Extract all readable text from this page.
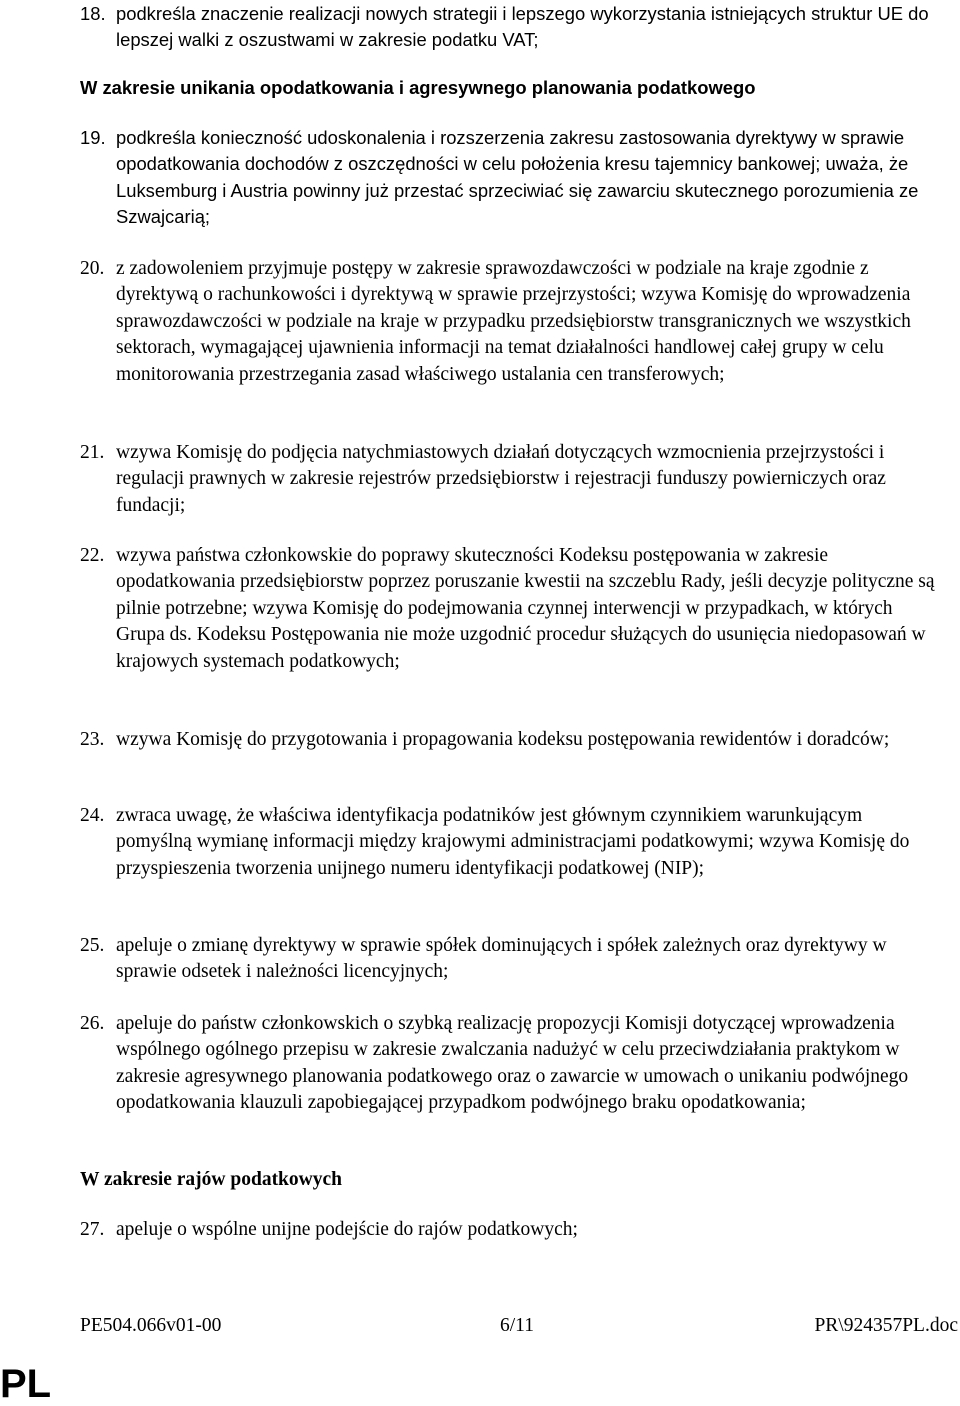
18. podkreśla znaczenie realizacji nowych strategii i lepszego wykorzystania istniejących struktur UE do lepszej walki z oszustwami w zakresie podatku VAT;
W zakresie unikania opodatkowania i agresywnego planowania podatkowego
19. podkreśla konieczność udoskonalenia i rozszerzenia zakresu zastosowania dyrektywy w sprawie opodatkowania dochodów z oszczędności w celu położenia kresu tajemnicy bankowej; uważa, że Luksemburg i Austria powinny już przestać sprzeciwiać się zawarciu skutecznego porozumienia ze Szwajcarią;
20. z zadowoleniem przyjmuje postępy w zakresie sprawozdawczości w podziale na kraje zgodnie z dyrektywą o rachunkowości i dyrektywą w sprawie przejrzystości; wzywa Komisję do wprowadzenia sprawozdawczości w podziale na kraje w przypadku przedsiębiorstw transgranicznych we wszystkich sektorach, wymagającej ujawnienia informacji na temat działalności handlowej całej grupy w celu monitorowania przestrzegania zasad właściwego ustalania cen transferowych;
21. wzywa Komisję do podjęcia natychmiastowych działań dotyczących wzmocnienia przejrzystości i regulacji prawnych w zakresie rejestrów przedsiębiorstw i rejestracji funduszy powierniczych oraz fundacji;
22. wzywa państwa członkowskie do poprawy skuteczności Kodeksu postępowania w zakresie opodatkowania przedsiębiorstw poprzez poruszanie kwestii na szczeblu Rady, jeśli decyzje polityczne są pilnie potrzebne; wzywa Komisję do podejmowania czynnej interwencji w przypadkach, w których Grupa ds. Kodeksu Postępowania nie może uzgodnić procedur służących do usunięcia niedopasowań w krajowych systemach podatkowych;
23. wzywa Komisję do przygotowania i propagowania kodeksu postępowania rewidentów i doradców;
24. zwraca uwagę, że właściwa identyfikacja podatników jest głównym czynnikiem warunkującym pomyślną wymianę informacji między krajowymi administracjami podatkowymi; wzywa Komisję do przyspieszenia tworzenia unijnego numeru identyfikacji podatkowej (NIP);
25. apeluje o zmianę dyrektywy w sprawie spółek dominujących i spółek zależnych oraz dyrektywy w sprawie odsetek i należności licencyjnych;
26. apeluje do państw członkowskich o szybką realizację propozycji Komisji dotyczącej wprowadzenia wspólnego ogólnego przepisu w zakresie zwalczania nadużyć w celu przeciwdziałania praktykom w zakresie agresywnego planowania podatkowego oraz o zawarcie w umowach o unikaniu podwójnego opodatkowania klauzuli zapobiegającej przypadkom podwójnego braku opodatkowania;
W zakresie rajów podatkowych
27. apeluje o wspólne unijne podejście do rajów podatkowych;
PE504.066v01-00	6/11	PR\924357PL.doc
PL
